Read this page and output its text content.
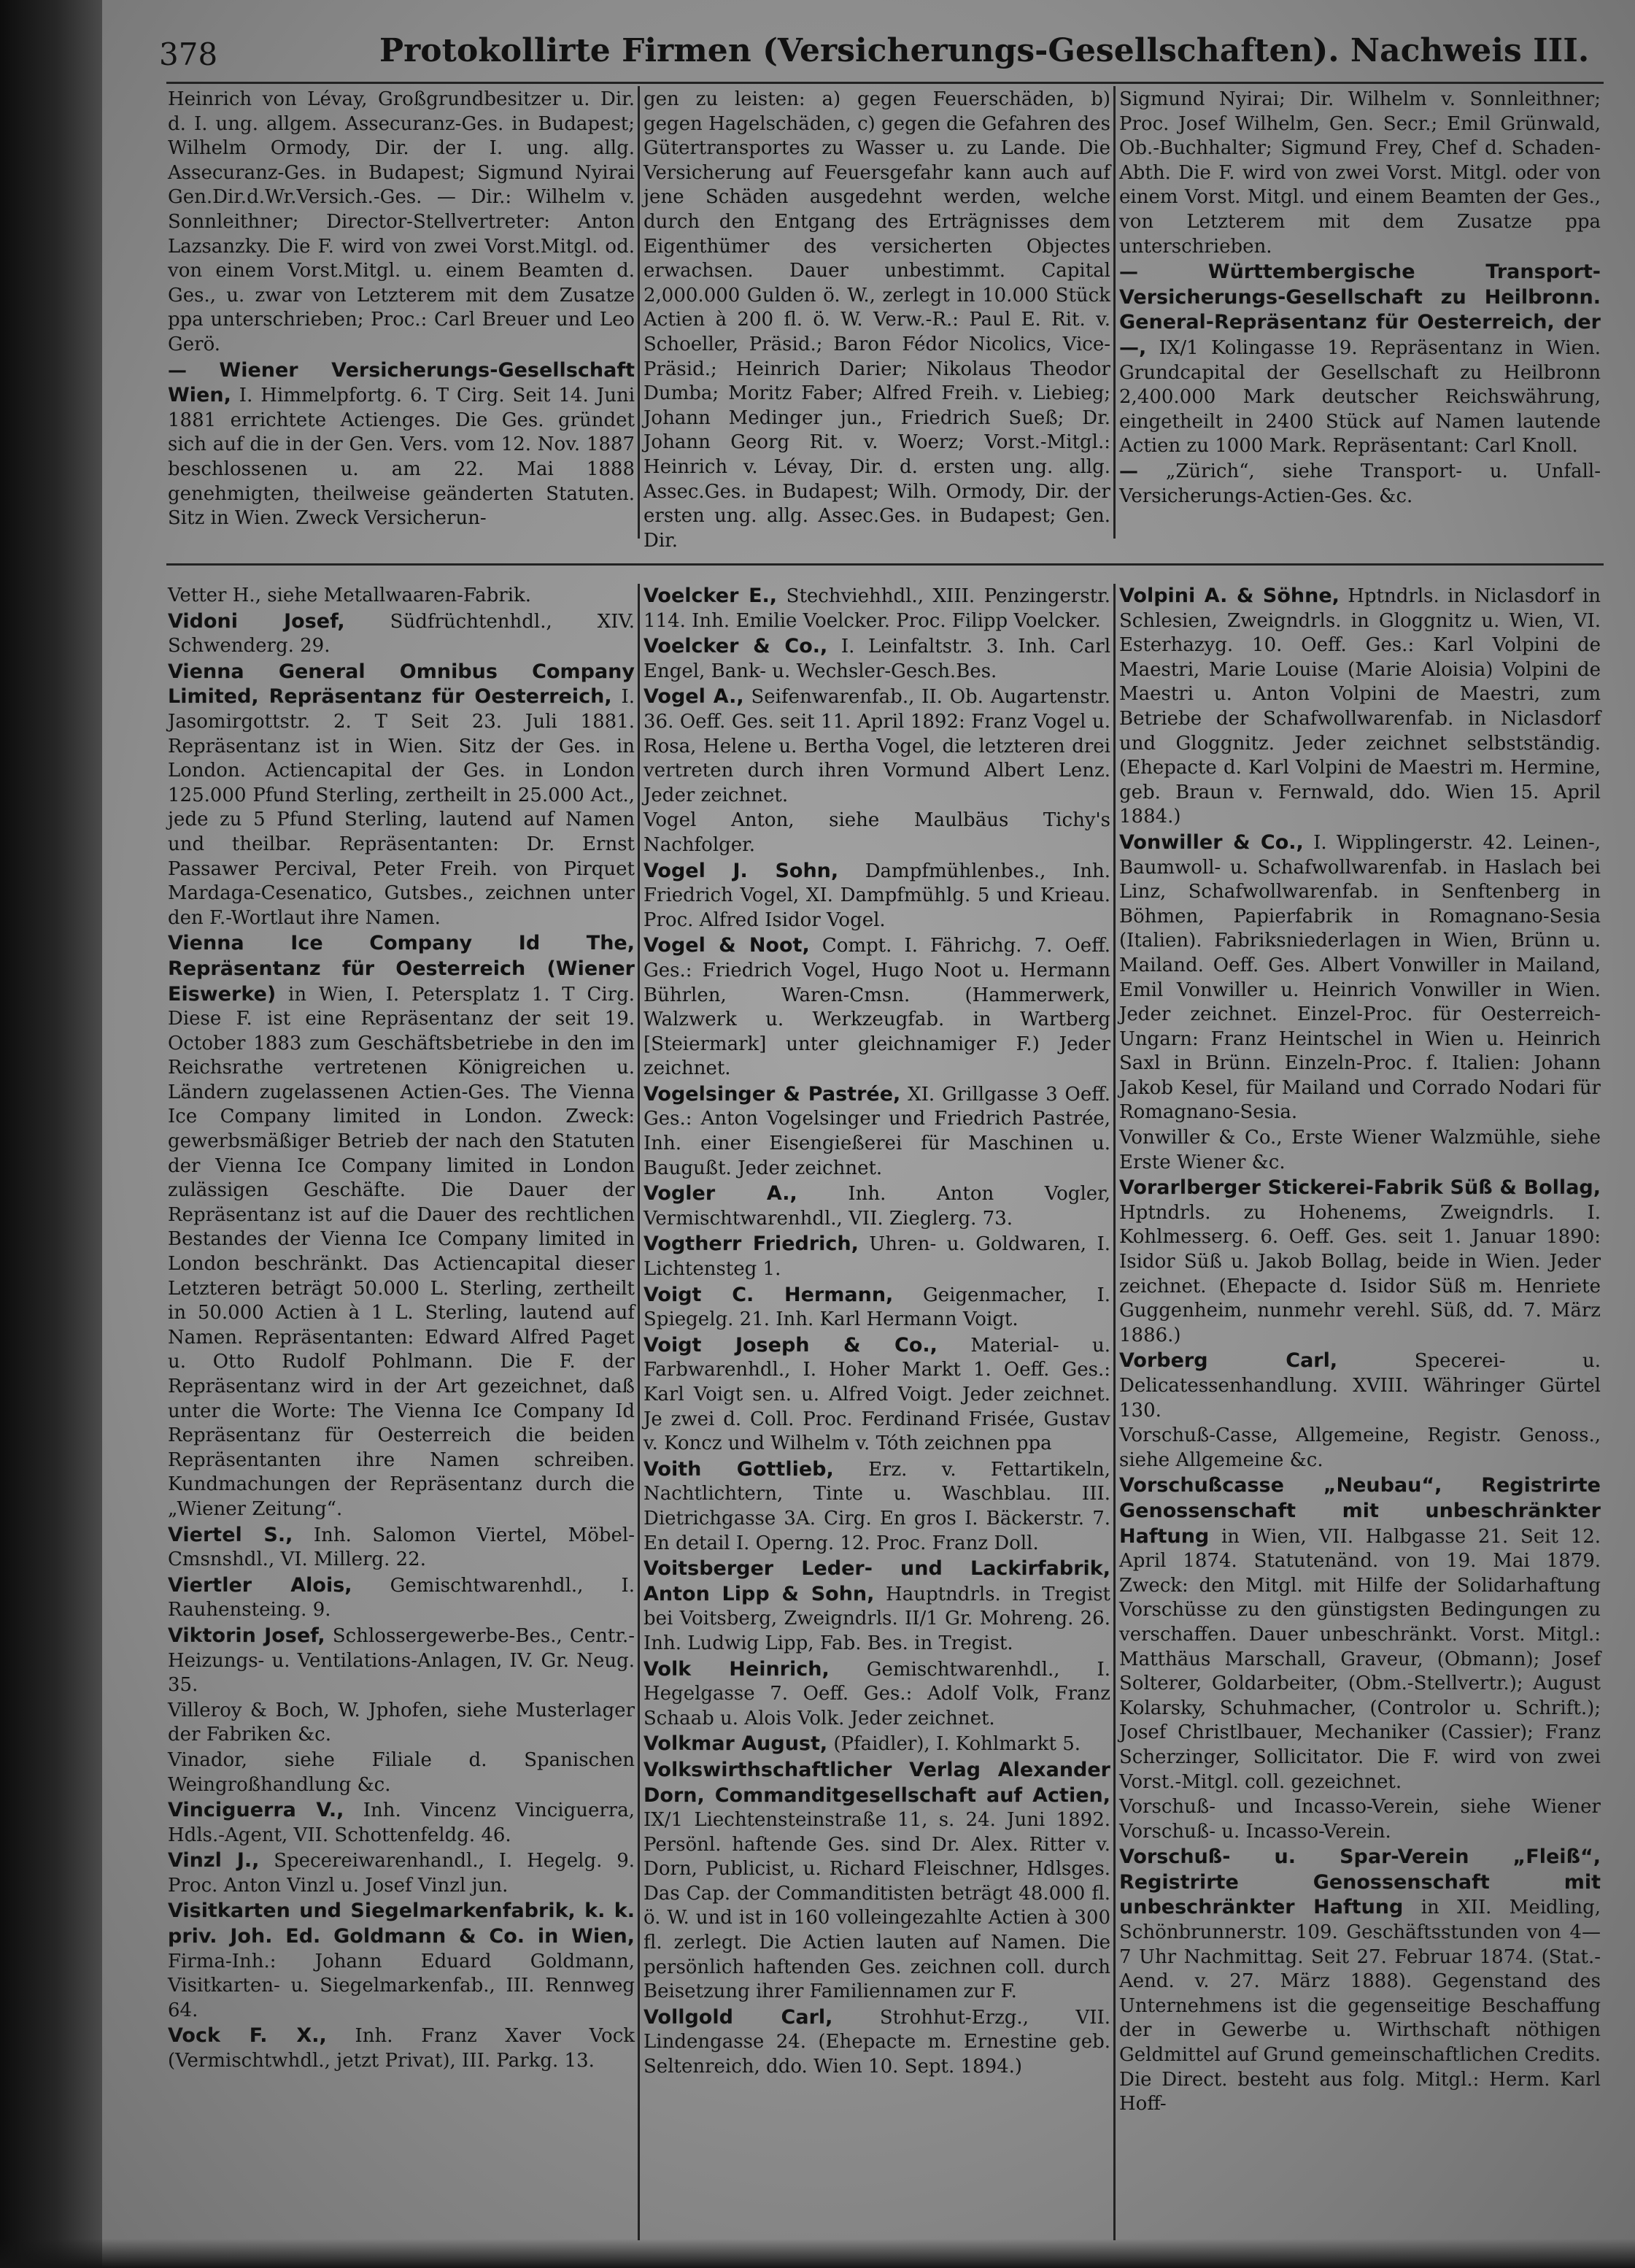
378	Protokollirte Firmen (Versicherungs-Gesellschaften). Nachweis III.
Heinrich von Lévay, Großgrundbesitzer u. Dir. d. I. ung. allgem. Assecuranz-Ges. in Budapest; Wilhelm Ormody, Dir. der I. ung. allg. Assecuranz-Ges. in Budapest; Sigmund Nyirai Gen.Dir.d.Wr.Versich.-Ges. — Dir.: Wilhelm v. Sonnleithner; Director-Stellvertreter: Anton Lazsanzky. Die F. wird von zwei Vorst.Mitgl. od. von einem Vorst.Mitgl. u. einem Beamten d. Ges., u. zwar von Letzterem mit dem Zusatze ppa unterschrieben; Proc.: Carl Breuer und Leo Gerö.
— Wiener Versicherungs-Gesellschaft Wien, I. Himmelpfortg. 6. T Cirg. Seit 14. Juni 1881 errichtete Actienges. Die Ges. gründet sich auf die in der Gen. Vers. vom 12. Nov. 1887 beschlossenen u. am 22. Mai 1888 genehmigten, theilweise geänderten Statuten. Sitz in Wien. Zweck Versicherun-
gen zu leisten: a) gegen Feuerschäden, b) gegen Hagelschäden, c) gegen die Gefahren des Gütertransportes zu Wasser u. zu Lande. Die Versicherung auf Feuersgefahr kann auch auf jene Schäden ausgedehnt werden, welche durch den Entgang des Erträgnisses dem Eigenthümer des versicherten Objectes erwachsen. Dauer unbestimmt. Capital 2,000.000 Gulden ö. W., zerlegt in 10.000 Stück Actien à 200 fl. ö. W. Verw.-R.: Paul E. Rit. v. Schoeller, Präsid.; Baron Fédor Nicolics, Vice-Präsid.; Heinrich Darier; Nikolaus Theodor Dumba; Moritz Faber; Alfred Freih. v. Liebieg; Johann Medinger jun., Friedrich Sueß; Dr. Johann Georg Rit. v. Woerz; Vorst.-Mitgl.: Heinrich v. Lévay, Dir. d. ersten ung. allg. Assec.Ges. in Budapest; Wilh. Ormody, Dir. der ersten ung. allg. Assec.Ges. in Budapest; Gen. Dir.
Sigmund Nyirai; Dir. Wilhelm v. Sonnleithner; Proc. Josef Wilhelm, Gen. Secr.; Emil Grünwald, Ob.-Buchhalter; Sigmund Frey, Chef d. Schaden-Abth. Die F. wird von zwei Vorst. Mitgl. oder von einem Vorst. Mitgl. und einem Beamten der Ges., von Letzterem mit dem Zusatze ppa unterschrieben.
—	Württembergische Transport-Versicherungs-Gesellschaft zu Heilbronn. General-Repräsentanz für Oesterreich, der —, IX/1 Kolingasse 19. Repräsentanz in Wien. Grundcapital der Gesellschaft zu Heilbronn 2,400.000 Mark deutscher Reichswährung, eingetheilt in 2400 Stück auf Namen lautende Actien zu 1000 Mark. Repräsentant: Carl Knoll.
— „Zürich“, siehe Transport- u. Unfall-Versicherungs-Actien-Ges. &c.
Vetter H., siehe Metallwaaren-Fabrik.
Vidoni Josef, Südfrüchtenhdl., XIV. Schwenderg. 29.
Vienna General Omnibus Company Limited, Repräsentanz für Oesterreich, I. Jasomirgottstr. 2. T Seit 23. Juli 1881. Repräsentanz ist in Wien. Sitz der Ges. in London. Actiencapital der Ges. in London 125.000 Pfund Sterling, zertheilt in 25.000 Act., jede zu 5 Pfund Sterling, lautend auf Namen und theilbar. Repräsentanten: Dr. Ernst Passawer Percival, Peter Freih. von Pirquet Mardaga-Cesenatico, Gutsbes., zeichnen unter den F.-Wortlaut ihre Namen.
Vienna Ice Company Id The, Repräsentanz für Oesterreich (Wiener Eiswerke) in Wien, I. Petersplatz 1. T Cirg. Diese F. ist eine Repräsentanz der seit 19. October 1883 zum Geschäftsbetriebe in den im Reichsrathe vertretenen Königreichen u. Ländern zugelassenen Actien-Ges. The Vienna Ice Company limited in London. Zweck: gewerbsmäßiger Betrieb der nach den Statuten der Vienna Ice Company limited in London zulässigen Geschäfte. Die Dauer der Repräsentanz ist auf die Dauer des rechtlichen Bestandes der Vienna Ice Company limited in London beschränkt. Das Actiencapital dieser Letzteren beträgt 50.000 L. Sterling, zertheilt in 50.000 Actien à 1 L. Sterling, lautend auf Namen. Repräsentanten: Edward Alfred Paget u. Otto Rudolf Pohlmann. Die F. der Repräsentanz wird in der Art gezeichnet, daß unter die Worte: The Vienna Ice Company Id Repräsentanz für Oesterreich die beiden Repräsentanten ihre Namen schreiben. Kundmachungen der Repräsentanz durch die „Wiener Zeitung“.
Viertel S., Inh. Salomon Viertel, Möbel-Cmsnshdl., VI. Millerg. 22.
Viertler Alois, Gemischtwarenhdl., I. Rauhensteing. 9.
Viktorin Josef, Schlossergewerbe-Bes., Centr.-Heizungs- u. Ventilations-Anlagen, IV. Gr. Neug. 35.
Villeroy & Boch, W. Jphofen, siehe Musterlager der Fabriken &c.
Vinador, siehe Filiale d. Spanischen Weingroßhandlung &c.
Vinciguerra V., Inh. Vincenz Vinciguerra, Hdls.-Agent, VII. Schottenfeldg. 46.
Vinzl J., Specereiwarenhandl., I. Hegelg. 9. Proc. Anton Vinzl u. Josef Vinzl jun.
Visitkarten und Siegelmarkenfabrik, k. k. priv. Joh. Ed. Goldmann & Co. in Wien, Firma-Inh.: Johann Eduard Goldmann, Visitkarten- u. Siegelmarkenfab., III. Rennweg 64.
Vock F. X., Inh. Franz Xaver Vock (Vermischtwhdl., jetzt Privat), III. Parkg. 13.
Voelcker E., Stechviehhdl., XIII. Penzingerstr. 114. Inh. Emilie Voelcker. Proc. Filipp Voelcker.
Voelcker & Co., I. Leinfaltstr. 3. Inh. Carl Engel, Bank- u. Wechsler-Gesch.Bes.
Vogel A., Seifenwarenfab., II. Ob. Augartenstr. 36. Oeff. Ges. seit 11. April 1892: Franz Vogel u. Rosa, Helene u. Bertha Vogel, die letzteren drei vertreten durch ihren Vormund Albert Lenz. Jeder zeichnet.
Vogel Anton, siehe Maulbäus Tichy's Nachfolger.
Vogel J. Sohn, Dampfmühlenbes., Inh. Friedrich Vogel, XI. Dampfmühlg. 5 und Krieau. Proc. Alfred Isidor Vogel.
Vogel & Noot, Compt. I. Fährichg. 7. Oeff. Ges.: Friedrich Vogel, Hugo Noot u. Hermann Bührlen, Waren-Cmsn. (Hammerwerk, Walzwerk u. Werkzeugfab. in Wartberg [Steiermark] unter gleichnamiger F.) Jeder zeichnet.
Vogelsinger & Pastrée, XI. Grillgasse 3 Oeff. Ges.: Anton Vogelsinger und Friedrich Pastrée, Inh. einer Eisengießerei für Maschinen u. Baugußt. Jeder zeichnet.
Vogler A.,	Inh. Anton Vogler, Vermischtwarenhdl., VII. Zieglerg. 73.
Vogtherr Friedrich, Uhren- u. Goldwaren, I. Lichtensteg 1.
Voigt C. Hermann, Geigenmacher, I. Spiegelg. 21. Inh. Karl Hermann Voigt.
Voigt Joseph & Co., Material- u. Farbwarenhdl., I. Hoher Markt 1. Oeff. Ges.: Karl Voigt sen. u. Alfred Voigt. Jeder zeichnet. Je zwei d. Coll. Proc. Ferdinand Frisée, Gustav v. Koncz und Wilhelm v. Tóth zeichnen ppa
Voith Gottlieb, Erz. v. Fettartikeln, Nachtlichtern, Tinte u. Waschblau. III. Dietrichgasse 3A. Cirg. En gros I. Bäckerstr. 7. En detail I. Operng. 12. Proc. Franz Doll.
Voitsberger Leder- und Lackirfabrik, Anton Lipp & Sohn, Hauptndrls. in Tregist bei Voitsberg, Zweigndrls. II/1 Gr. Mohreng. 26. Inh. Ludwig Lipp, Fab. Bes. in Tregist.
Volk Heinrich, Gemischtwarenhdl., I. Hegelgasse 7. Oeff. Ges.: Adolf Volk, Franz Schaab u. Alois Volk. Jeder zeichnet.
Volkmar August, (Pfaidler), I. Kohlmarkt 5.
Volkswirthschaftlicher Verlag Alexander Dorn, Commanditgesellschaft auf Actien, IX/1 Liechtensteinstraße 11, s. 24. Juni 1892. Persönl. haftende Ges. sind Dr. Alex. Ritter v. Dorn, Publicist, u. Richard Fleischner, Hdlsges. Das Cap. der Commanditisten beträgt 48.000 fl. ö. W. und ist in 160 vollеingezahlte Actien à 300 fl. zerlegt. Die Actien lauten auf Namen. Die persönlich haftenden Ges. zeichnen coll. durch Beisetzung ihrer Familiennamen zur F.
Vollgold Carl, Strohhut-Erzg., VII. Lindengasse 24. (Ehepacte m. Ernestine geb. Seltenreich, ddo. Wien 10. Sept. 1894.)
Volpini A. & Söhne, Hptndrls. in Niclasdorf in Schlesien, Zweigndrls. in Gloggnitz u. Wien, VI. Esterhazyg. 10. Oeff. Ges.: Karl Volpini de Maestri, Marie Louise (Marie Aloisia) Volpini de Maestri u. Anton Volpini de Maestri, zum Betriebe der Schafwollwarenfab. in Niclasdorf und Gloggnitz. Jeder zeichnet selbstständig. (Ehepacte d. Karl Volpini de Maestri m. Hermine, geb. Braun v. Fernwald, ddo. Wien 15. April 1884.)
Vonwiller & Co., I. Wipplingerstr. 42. Leinen-, Baumwoll- u. Schafwollwarenfab. in Haslach bei Linz, Schafwollwarenfab. in Senftenberg in Böhmen, Papierfabrik in Romagnano-Sesia (Italien). Fabriksniederlagen in Wien, Brünn u. Mailand. Oeff. Ges. Albert Vonwiller in Mailand, Emil Vonwiller u. Heinrich Vonwiller in Wien. Jeder zeichnet. Einzel-Proc. für Oesterreich-Ungarn: Franz Heintschel in Wien u. Heinrich Saxl in Brünn. Einzeln-Proc. f. Italien: Johann Jakob Kesel, für Mailand und Corrado Nodari für Romagnano-Sesia.
Vonwiller & Co., Erste Wiener Walzmühle, siehe Erste Wiener &c.
Vorarlberger Stickerei-Fabrik Süß & Bollag, Hptndrls. zu Hohenems, Zweigndrls. I. Kohlmesserg. 6. Oeff. Ges. seit 1. Januar 1890: Isidor Süß u. Jakob Bollag, beide in Wien. Jeder zeichnet. (Ehepacte d. Isidor Süß m. Henriete Guggenheim, nunmehr verehl. Süß, dd. 7. März 1886.)
Vorberg Carl,	Specerei- u. Delicatessenhandlung. XVIII. Währinger Gürtel 130.
Vorschuß-Casse, Allgemeine, Registr. Genoss., siehe Allgemeine &c.
Vorschußcasse „Neubau“, Registrirte Genossenschaft mit unbeschränkter Haftung in Wien, VII. Halbgasse 21. Seit 12. April 1874. Statutenänd. von 19. Mai 1879. Zweck: den Mitgl. mit Hilfe der Solidarhaftung Vorschüsse zu den günstigsten Bedingungen zu verschaffen. Dauer unbeschränkt. Vorst. Mitgl.: Matthäus Marschall, Graveur, (Obmann); Josef Solterer, Goldarbeiter, (Obm.-Stellvertr.); August Kolarsky, Schuhmacher, (Controlor u. Schrift.); Josef Christlbauer, Mechaniker (Cassier); Franz Scherzinger, Sollicitator. Die F. wird von zwei Vorst.-Mitgl. coll. gezeichnet.
Vorschuß- und Incasso-Verein, siehe Wiener Vorschuß- u. Incasso-Verein.
Vorschuß- u. Spar-Verein „Fleiß“, Registrirte Genossenschaft mit unbeschränkter Haftung in XII. Meidling, Schönbrunnerstr. 109. Geschäftsstunden von 4—7 Uhr Nachmittag. Seit 27. Februar 1874. (Stat.-Aend. v. 27. März 1888). Gegenstand des Unternehmens ist die gegenseitige Beschaffung der in Gewerbe u. Wirthschaft nöthigen Geldmittel auf Grund gemeinschaftlichen Credits. Die Direct. besteht aus folg. Mitgl.: Herm. Karl Hoff-
